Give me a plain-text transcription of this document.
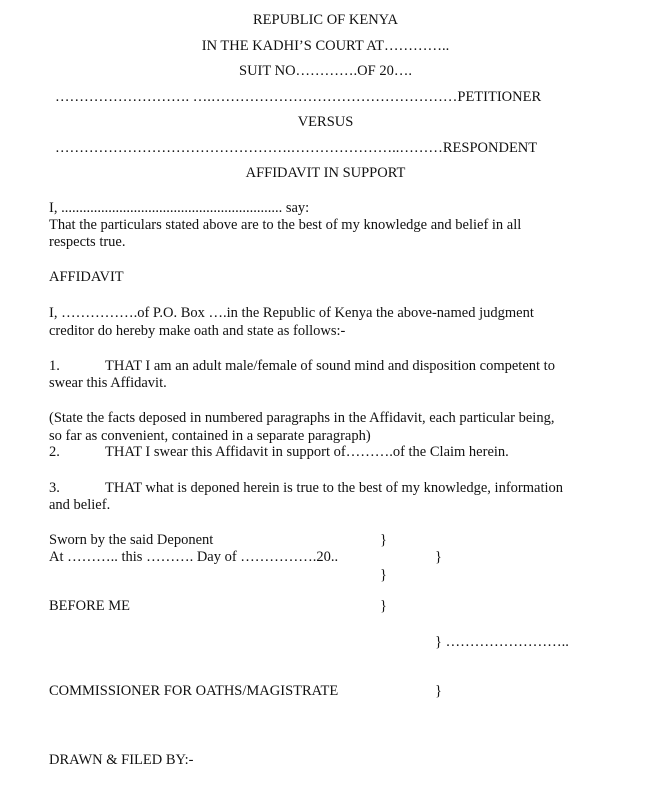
REPUBLIC OF KENYA
IN THE KADHI’S COURT AT…………..
SUIT NO………….OF 20….
………………………. ….……………………………………………PETITIONER
VERSUS
………………………………………….…………………..………RESPONDENT
AFFIDAVIT IN SUPPORT
I, ............................................................. say:
That the particulars stated above are to the best of my knowledge and belief in all
respects true.
AFFIDAVIT
I, …………….of P.O. Box ….in the Republic of Kenya the above-named judgment
creditor do hereby make oath and state as follows:-
1.	THAT I am an adult male/female of sound mind and disposition competent to
swear this Affidavit.
(State the facts deposed in numbered paragraphs in the Affidavit, each particular being,
so far as convenient, contained in a separate paragraph)
2.	THAT I swear this Affidavit in support of……….of the Claim herein.
3.	THAT what is deponed herein is true to the best of my knowledge, information
and belief.
Sworn by the said Deponent	}
At ……….. this ………. Day of …………….20..	}
}
BEFORE ME	}
} ……………………..
COMMISSIONER FOR OATHS/MAGISTRATE	}
DRAWN & FILED BY:-
